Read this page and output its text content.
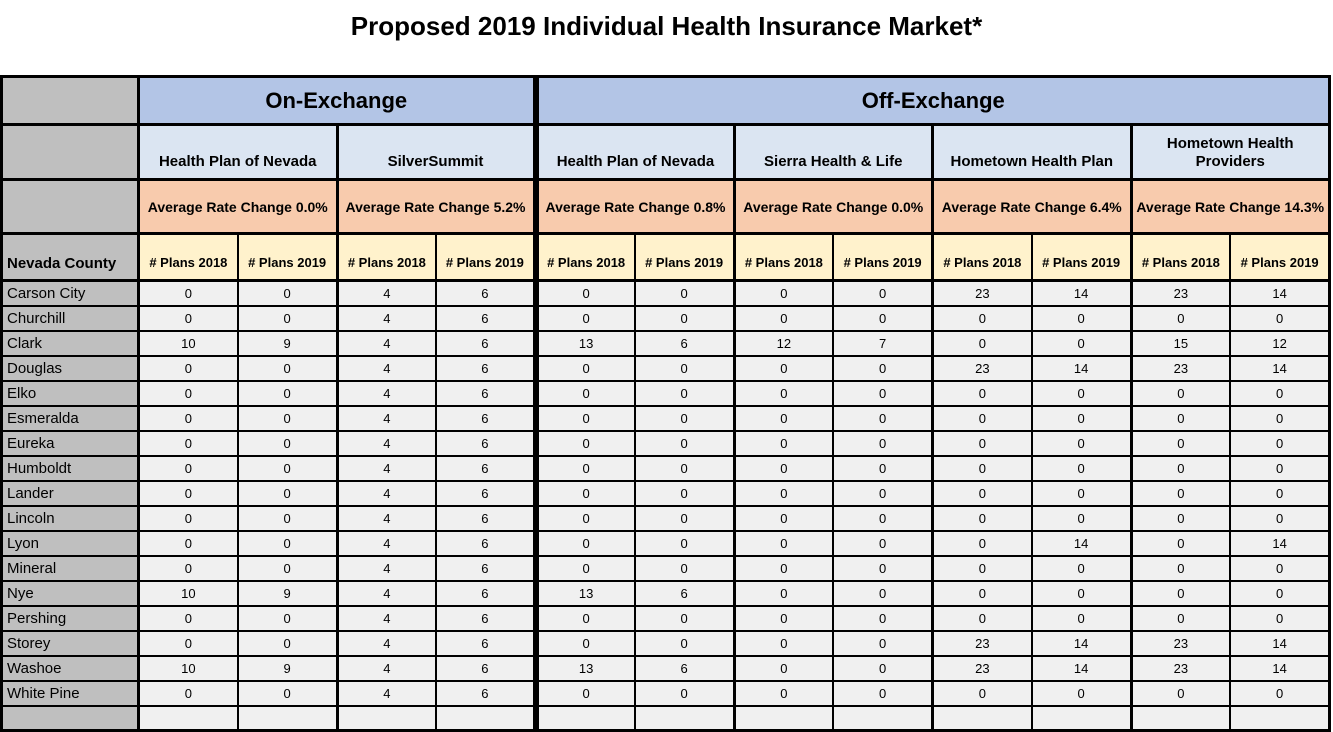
Proposed 2019 Individual Health Insurance Market*
	On-Exchange				Off-Exchange							
	Health Plan of Nevada		SilverSummit		Health Plan of Nevada		Sierra Health & Life		Hometown Health Plan		Hometown Health Providers	
	Average Rate Change 0.0%		Average Rate Change 5.2%		Average Rate Change 0.8%		Average Rate Change 0.0%		Average Rate Change 6.4%		Average Rate Change 14.3%	
Nevada County	# Plans 2018	# Plans 2019	# Plans 2018	# Plans 2019	# Plans 2018	# Plans 2019	# Plans 2018	# Plans 2019	# Plans 2018	# Plans 2019	# Plans 2018	# Plans 2019
Carson City	0	0	4	6	0	0	0	0	23	14	23	14
Churchill	0	0	4	6	0	0	0	0	0	0	0	0
Clark	10	9	4	6	13	6	12	7	0	0	15	12
Douglas	0	0	4	6	0	0	0	0	23	14	23	14
Elko	0	0	4	6	0	0	0	0	0	0	0	0
Esmeralda	0	0	4	6	0	0	0	0	0	0	0	0
Eureka	0	0	4	6	0	0	0	0	0	0	0	0
Humboldt	0	0	4	6	0	0	0	0	0	0	0	0
Lander	0	0	4	6	0	0	0	0	0	0	0	0
Lincoln	0	0	4	6	0	0	0	0	0	0	0	0
Lyon	0	0	4	6	0	0	0	0	0	14	0	14
Mineral	0	0	4	6	0	0	0	0	0	0	0	0
Nye	10	9	4	6	13	6	0	0	0	0	0	0
Pershing	0	0	4	6	0	0	0	0	0	0	0	0
Storey	0	0	4	6	0	0	0	0	23	14	23	14
Washoe	10	9	4	6	13	6	0	0	23	14	23	14
White Pine	0	0	4	6	0	0	0	0	0	0	0	0
